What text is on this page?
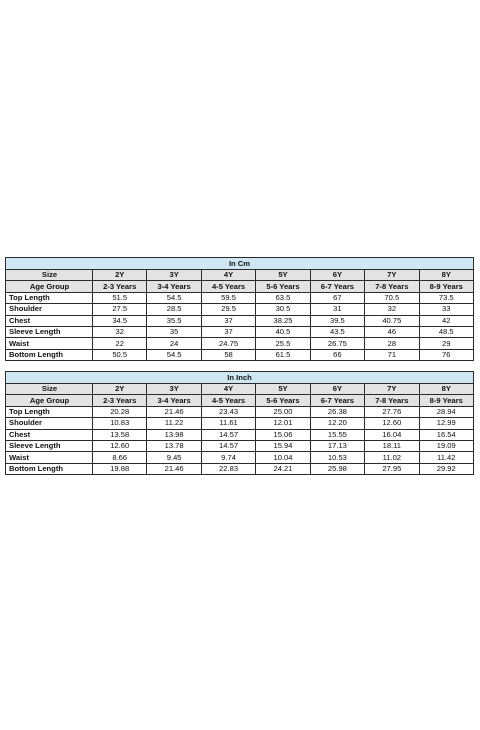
In Cm							
Size	2Y	3Y	4Y	5Y	6Y	7Y	8Y
Age Group	2-3 Years	3-4 Years	4-5 Years	5-6 Years	6-7 Years	7-8 Years	8-9 Years
Top Length	51.5	54.5	59.5	63.5	67	70.5	73.5
Shoulder	27.5	28.5	29.5	30.5	31	32	33
Chest	34.5	35.5	37	38.25	39.5	40.75	42
Sleeve Length	32	35	37	40.5	43.5	46	48.5
Waist	22	24	24.75	25.5	26.75	28	29
Bottom Length	50.5	54.5	58	61.5	66	71	76
In Inch							
Size	2Y	3Y	4Y	5Y	6Y	7Y	8Y
Age Group	2-3 Years	3-4 Years	4-5 Years	5-6 Years	6-7 Years	7-8 Years	8-9 Years
Top Length	20.28	21.46	23.43	25.00	26.38	27.76	28.94
Shoulder	10.83	11.22	11.61	12.01	12.20	12.60	12.99
Chest	13.58	13.98	14.57	15.06	15.55	16.04	16.54
Sleeve Length	12.60	13.78	14.57	15.94	17.13	18.11	19.09
Waist	8.66	9.45	9.74	10.04	10.53	11.02	11.42
Bottom Length	19.88	21.46	22.83	24.21	25.98	27.95	29.92
